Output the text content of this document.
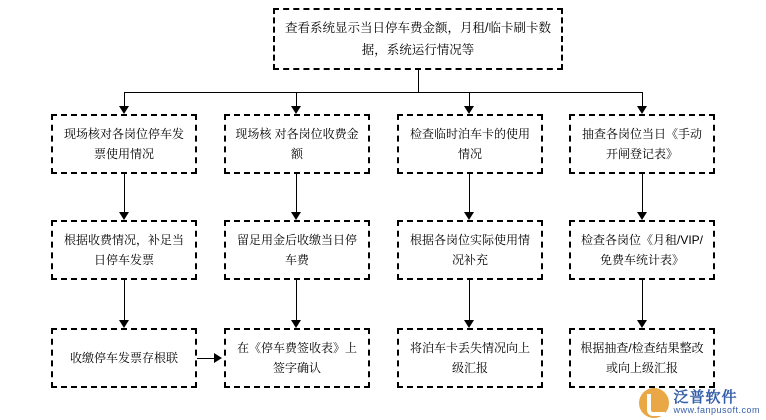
查看系统显示当日停车费金额，月租/临卡刷卡数据，系统运行情况等
现场核对各岗位停车发票使用情况
根据收费情况，补足当日停车发票
收缴停车发票存根联
现场核 对各岗位收费金额
留足用金后收缴当日停车费
在《停车费签收表》上签字确认
检查临时泊车卡的使用情况
根据各岗位实际使用情况补充
将泊车卡丢失情况向上级汇报
抽查各岗位当日《手动开闸登记表》
检查各岗位《月租/VIP/免费车统计表》
根据抽查/检查结果整改或向上级汇报
泛普软件
www.fanpusoft.com
